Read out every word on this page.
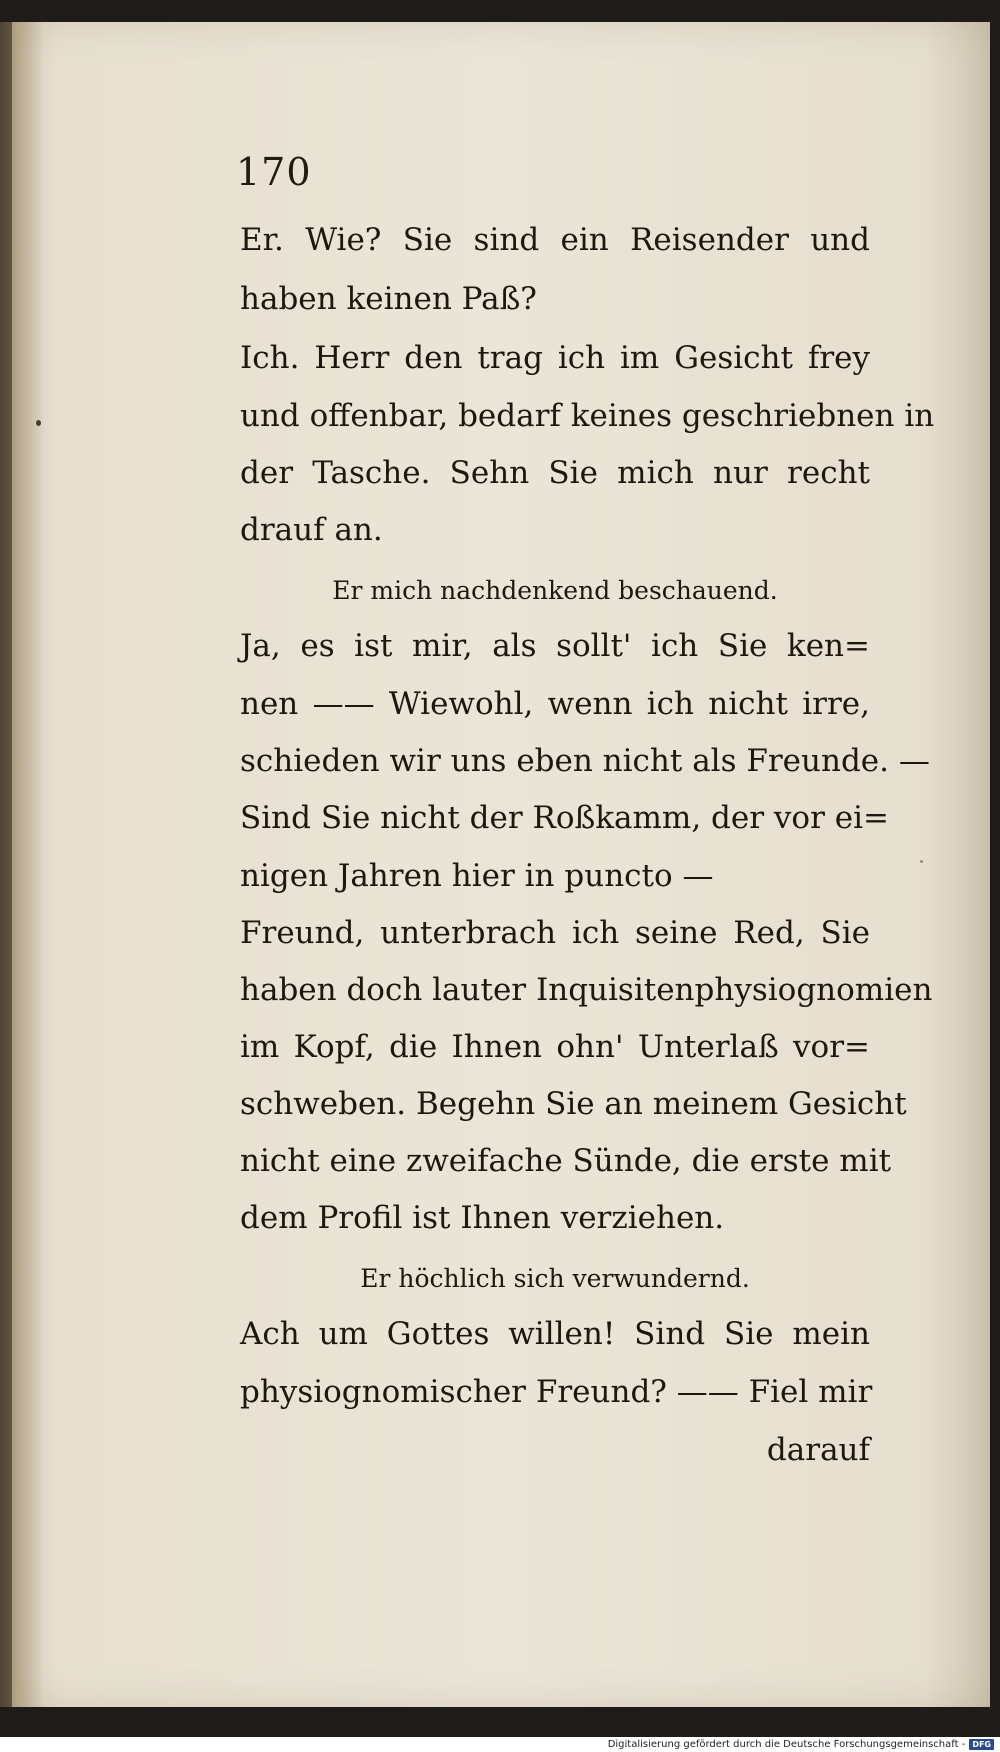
170
Er. Wie? Sie sind ein Reisender und
haben keinen Paß?
Ich. Herr den trag ich im Gesicht frey
und offenbar, bedarf keines geschriebnen in
der Tasche. Sehn Sie mich nur recht
drauf an.
Er mich nachdenkend beschauend.
Ja, es ist mir, als sollt' ich Sie ken=
nen —— Wiewohl, wenn ich nicht irre,
schieden wir uns eben nicht als Freunde. —
Sind Sie nicht der Roßkamm, der vor ei=
nigen Jahren hier in puncto —
Freund, unterbrach ich seine Red, Sie
haben doch lauter Inquisitenphysiognomien
im Kopf, die Ihnen ohn' Unterlaß vor=
schweben. Begehn Sie an meinem Gesicht
nicht eine zweifache Sünde, die erste mit
dem Profil ist Ihnen verziehen.
Er höchlich sich verwundernd.
Ach um Gottes willen! Sind Sie mein
physiognomischer Freund? —— Fiel mir
darauf
Digitalisierung gefördert durch die Deutsche Forschungsgemeinschaft - DFG
